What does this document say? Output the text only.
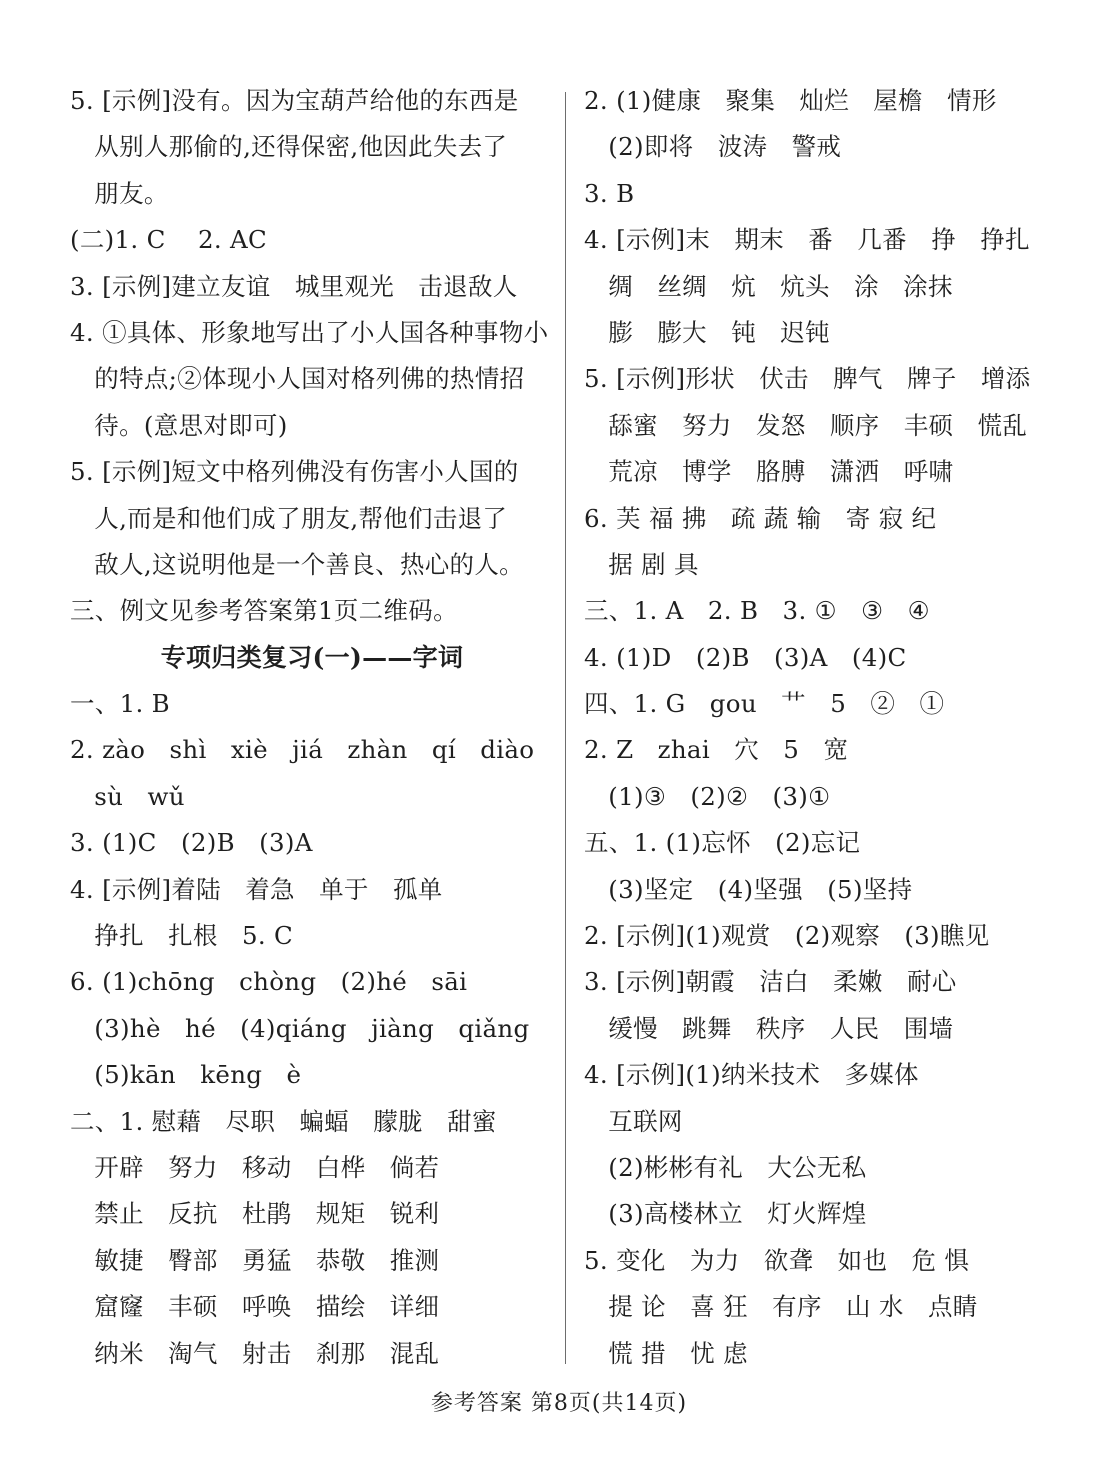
5. [示例]没有。因为宝葫芦给他的东西是
从别人那偷的,还得保密,他因此失去了
朋友。
(二)1. C    2. AC
3. [示例]建立友谊   城里观光   击退敌人
4. ①具体、形象地写出了小人国各种事物小
的特点;②体现小人国对格列佛的热情招
待。(意思对即可)
5. [示例]短文中格列佛没有伤害小人国的
人,而是和他们成了朋友,帮他们击退了
敌人,这说明他是一个善良、热心的人。
三、例文见参考答案第1页二维码。
专项归类复习(一)——字词
一、1. B
2. zào   shì   xiè   jiá   zhàn   qí   diào
sù   wǔ
3. (1)C   (2)B   (3)A
4. [示例]着陆   着急   单于   孤单
挣扎   扎根   5. C
6. (1)chōng   chòng   (2)hé   sāi
(3)hè   hé   (4)qiáng   jiàng   qiǎng
(5)kān   kēng   è
二、1. 慰藉   尽职   蝙蝠   朦胧   甜蜜
开辟   努力   移动   白桦   倘若
禁止   反抗   杜鹃   规矩   锐利
敏捷   臀部   勇猛   恭敬   推测
窟窿   丰硕   呼唤   描绘   详细
纳米   淘气   射击   刹那   混乱
2. (1)健康   聚集   灿烂   屋檐   情形
(2)即将   波涛   警戒
3. B
4. [示例]末   期末   番   几番   挣   挣扎
绸   丝绸   炕   炕头   涂   涂抹
膨   膨大   钝   迟钝
5. [示例]形状   伏击   脾气   牌子   增添
舔蜜   努力   发怒   顺序   丰硕   慌乱
荒凉   博学   胳膊   潇洒   呼啸
6. 芙 福 拂   疏 蔬 输   寄 寂 纪
据 剧 具
三、1. A   2. B   3. ①   ③   ④
4. (1)D   (2)B   (3)A   (4)C
四、1. G   gou   艹   5   ②   ①
2. Z   zhai   穴   5   宽
(1)③   (2)②   (3)①
五、1. (1)忘怀   (2)忘记
(3)坚定   (4)坚强   (5)坚持
2. [示例](1)观赏   (2)观察   (3)瞧见
3. [示例]朝霞   洁白   柔嫩   耐心
缓慢   跳舞   秩序   人民   围墙
4. [示例](1)纳米技术   多媒体
互联网
(2)彬彬有礼   大公无私
(3)高楼林立   灯火辉煌
5. 变化   为力   欲聋   如也   危 惧
提 论   喜 狂   有序   山 水   点睛
慌 措   忧 虑
参考答案 第8页(共14页)
